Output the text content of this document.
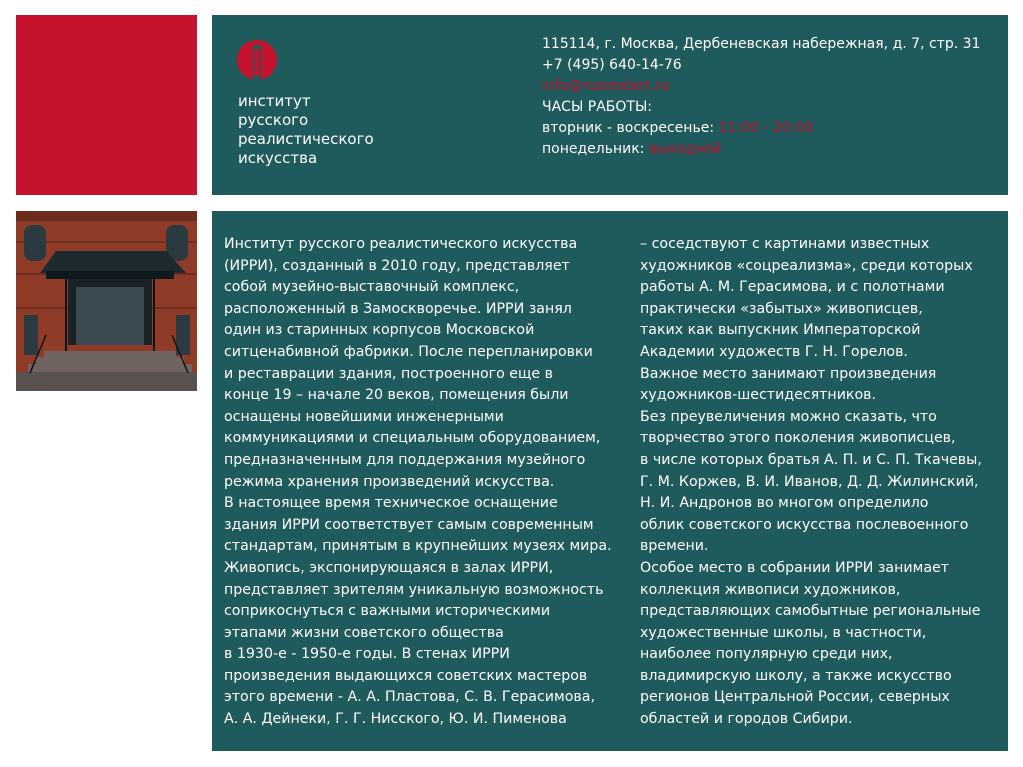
институт
русского
реалистического
искусства
115114, г. Москва, Дербеневская набережная, д. 7, стр. 31
+7 (495) 640-14-76
info@rusrealart.ru
ЧАСЫ РАБОТЫ:
вторник - воскресенье: 11:00 - 20:00
понедельник: выходной
Институт русского реалистического искусства
(ИРРИ), созданный в 2010 году, представляет
собой музейно-выставочный комплекс,
расположенный в Замоскворечье. ИРРИ занял
один из старинных корпусов Московской
ситценабивной фабрики. После перепланировки
и реставрации здания, построенного еще в
конце 19 – начале 20 веков, помещения были
оснащены новейшими инженерными
коммуникациями и специальным оборудованием,
предназначенным для поддержания музейного
режима хранения произведений искусства.
В настоящее время техническое оснащение
здания ИРРИ соответствует самым современным
стандартам, принятым в крупнейших музеях мира.
Живопись, экспонирующаяся в залах ИРРИ,
представляет зрителям уникальную возможность
соприкоснуться с важными историческими
этапами жизни советского общества
в 1930-е - 1950-е годы. В стенах ИРРИ
произведения выдающихся советских мастеров
этого времени - А. А. Пластова, С. В. Герасимова,
А. А. Дейнеки, Г. Г. Нисского, Ю. И. Пименова
– соседствуют с картинами известных
художников «соцреализма», среди которых
работы А. М. Герасимова, и с полотнами
практически «забытых» живописцев,
таких как выпускник Императорской
Академии художеств Г. Н. Горелов.
Важное место занимают произведения
художников-шестидесятников.
Без преувеличения можно сказать, что
творчество этого поколения живописцев,
в числе которых братья А. П. и С. П. Ткачевы,
Г. М. Коржев, В. И. Иванов, Д. Д. Жилинский,
Н. И. Андронов во многом определило
облик советского искусства послевоенного
времени.
Особое место в собрании ИРРИ занимает
коллекция живописи художников,
представляющих самобытные региональные
художественные школы, в частности,
наиболее популярную среди них,
владимирскую школу, а также искусство
регионов Центральной России, северных
областей и городов Сибири.
